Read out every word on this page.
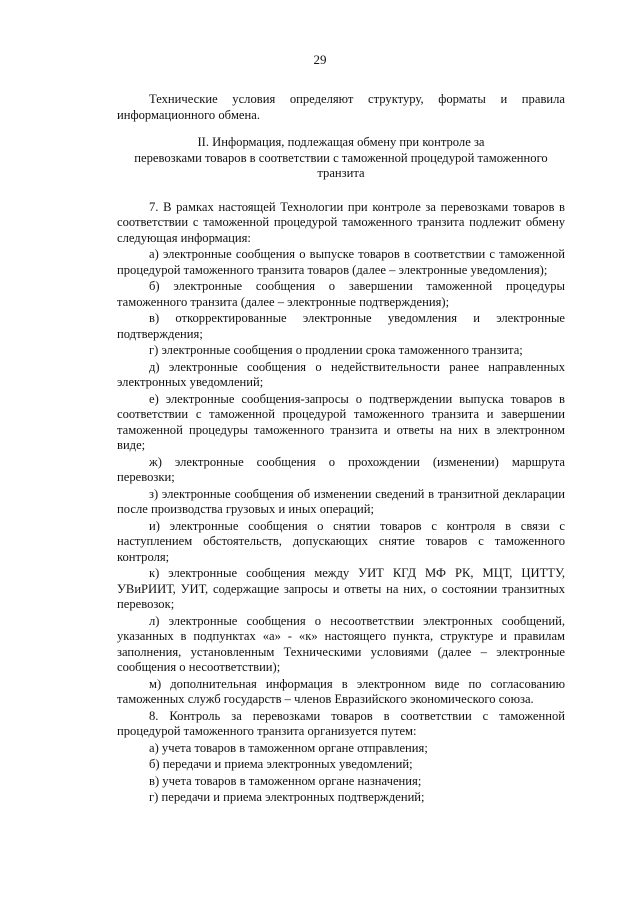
29

Технические условия определяют структуру, форматы и правила информационного обмена.

II. Информация, подлежащая обмену при контроле за
перевозками товаров в соответствии с таможенной процедурой таможенного
транзита

7. В рамках настоящей Технологии при контроле за перевозками товаров в соответствии с таможенной процедурой таможенного транзита подлежит обмену следующая информация:

а) электронные сообщения о выпуске товаров в соответствии с таможенной процедурой таможенного транзита товаров (далее – электронные уведомления);

б) электронные сообщения о завершении таможенной процедуры таможенного транзита (далее – электронные подтверждения);

в) откорректированные электронные уведомления и электронные подтверждения;

г) электронные сообщения о продлении срока таможенного транзита;

д) электронные сообщения о недействительности ранее направленных электронных уведомлений;

е) электронные сообщения-запросы о подтверждении выпуска товаров в соответствии с таможенной процедурой таможенного транзита и завершении таможенной процедуры таможенного транзита и ответы на них в электронном виде;

ж) электронные сообщения о прохождении (изменении) маршрута перевозки;

з) электронные сообщения об изменении сведений в транзитной декларации после производства грузовых и иных операций;

и) электронные сообщения о снятии товаров с контроля в связи с наступлением обстоятельств, допускающих снятие товаров с таможенного контроля;

к) электронные сообщения между УИТ КГД МФ РК, МЦТ, ЦИТТУ, УВиРИИТ, УИТ, содержащие запросы и ответы на них, о состоянии транзитных перевозок;

л) электронные сообщения о несоответствии электронных сообщений, указанных в подпунктах «а» - «к» настоящего пункта, структуре и правилам заполнения, установленным Техническими условиями (далее – электронные сообщения о несоответствии);

м) дополнительная информация в электронном виде по согласованию таможенных служб государств – членов Евразийского экономического союза.

8. Контроль за перевозками товаров в соответствии с таможенной процедурой таможенного транзита организуется путем:

а) учета товаров в таможенном органе отправления;

б) передачи и приема электронных уведомлений;

в) учета товаров в таможенном органе назначения;

г) передачи и приема электронных подтверждений;
